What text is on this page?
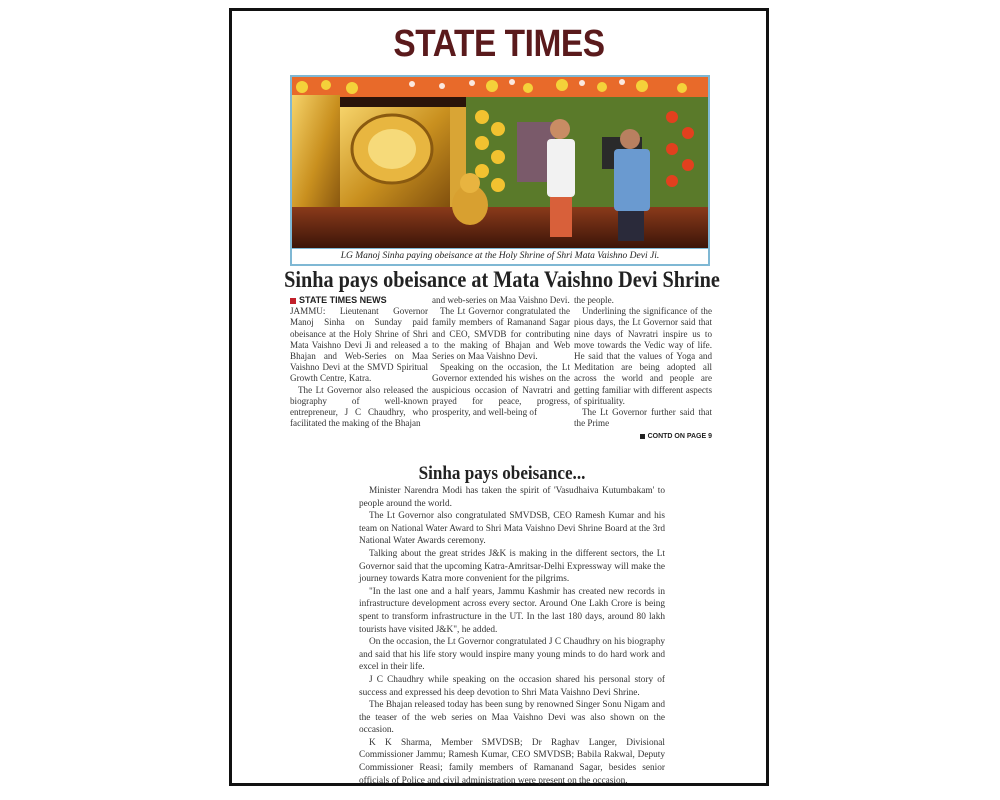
STATE TIMES
LG Manoj Sinha paying obeisance at the Holy Shrine of Shri Mata Vaishno Devi Ji.
Sinha pays obeisance at Mata Vaishno Devi Shrine
STATE TIMES NEWS

JAMMU: Lieutenant Governor Manoj Sinha on Sunday paid obeisance at the Holy Shrine of Shri Mata Vaishno Devi Ji and released a Bhajan and Web-Series on Maa Vaishno Devi at the SMVD Spiritual Growth Centre, Katra.

The Lt Governor also released the biography of well-known entrepreneur, J C Chaudhry, who facilitated the making of the Bhajan

and web-series on Maa Vaishno Devi.

The Lt Governor congratulated the family members of Ramanand Sagar and CEO, SMVDB for contributing to the making of Bhajan and Web Series on Maa Vaishno Devi.

Speaking on the occasion, the Lt Governor extended his wishes on the auspicious occasion of Navratri and prayed for peace, progress, prosperity, and well-being of

the people.

Underlining the significance of the pious days, the Lt Governor said that nine days of Navratri inspire us to move towards the Vedic way of life. He said that the values of Yoga and Meditation are being adopted all across the world and people are getting familiar with different aspects of spirituality.

The Lt Governor further said that the Prime

CONTD ON PAGE 9
Sinha pays obeisance...

Minister Narendra Modi has taken the spirit of 'Vasudhaiva Kutumbakam' to people around the world.

The Lt Governor also congratulated SMVDSB, CEO Ramesh Kumar and his team on National Water Award to Shri Mata Vaishno Devi Shrine Board at the 3rd National Water Awards ceremony.

Talking about the great strides J&K is making in the different sectors, the Lt Governor said that the upcoming Katra-Amritsar-Delhi Expressway will make the journey towards Katra more convenient for the pilgrims.

"In the last one and a half years, Jammu Kashmir has created new records in infrastructure development across every sector. Around One Lakh Crore is being spent to transform infrastructure in the UT. In the last 180 days, around 80 lakh tourists have visited J&K", he added.

On the occasion, the Lt Governor congratulated J C Chaudhry on his biography and said that his life story would inspire many young minds to do hard work and excel in their life.

J C Chaudhry while speaking on the occasion shared his personal story of success and expressed his deep devotion to Shri Mata Vaishno Devi Shrine.

The Bhajan released today has been sung by renowned Singer Sonu Nigam and the teaser of the web series on Maa Vaishno Devi was also shown on the occasion.

K K Sharma, Member SMVDSB; Dr Raghav Langer, Divisional Commissioner Jammu; Ramesh Kumar, CEO SMVDSB; Babila Rakwal, Deputy Commissioner Reasi; family members of Ramanand Sagar, besides senior officials of Police and civil administration were present on the occasion.
